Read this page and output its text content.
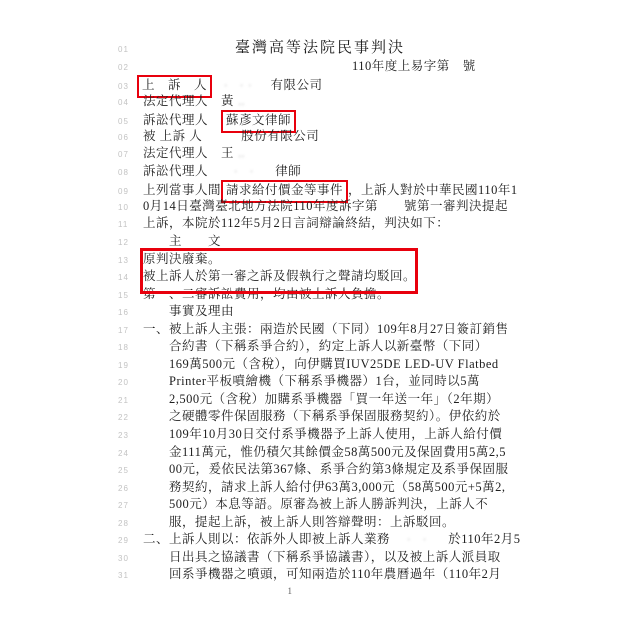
01	臺灣高等法院民事判決
02	110年度上易字第　號
03	上　訴　人	· ·· 有限公司
04	法定代理人　黃 ‥
05	訴訟代理人　 蘇彥文律師
06	被 上訴 人　　　股份有限公司
07	法定代理人　王 ‥
08	訴訟代理人　　 · · 　律師
09	上列當事人間 請求給付價金等事件 ，上訴人對於中華民國110年1
10	0月14日臺灣臺北地方法院110年度訴字第　　號第一審判決提起
11	上訴，本院於112年5月2日言詞辯論終結，判決如下：
12	　　主　　文
13	原判決廢棄。
14	被上訴人於第一審之訴及假執行之聲請均駁回。
15	第一、二審訴訟費用，均由被上訴人負擔。
16	　　事實及理由
17	一、被上訴人主張：兩造於民國（下同）109年8月27日簽訂銷售
18	　　合約書（下稱系爭合約），約定上訴人以新臺幣（下同）
19	　　169萬500元（含稅），向伊購買IUV25DE LED-UV Flatbed
20	　　Printer平板噴繪機（下稱系爭機器）1台，並同時以5萬
21	　　2,500元（含稅）加購系爭機器「買一年送一年」（2年期）
22	　　之硬體零件保固服務（下稱系爭保固服務契約）。伊依約於
23	　　109年10月30日交付系爭機器予上訴人使用，上訴人給付價
24	　　金111萬元，惟仍積欠其餘價金58萬500元及保固費用5萬2,5
25	　　00元，爰依民法第367條、系爭合約第3條規定及系爭保固服
26	　　務契約，請求上訴人給付伊63萬3,000元（58萬500元+5萬2,
27	　　500元）本息等語。原審為被上訴人勝訴判決，上訴人不
28	　　服，提起上訴，被上訴人則答辯聲明：上訴駁回。
29	二、上訴人則以：依訴外人即被上訴人業務　 · · 　於110年2月5
30	　　日出具之協議書（下稱系爭協議書），以及被上訴人派員取
31	　　回系爭機器之噴頭，可知兩造於110年農曆過年（110年2月
1
